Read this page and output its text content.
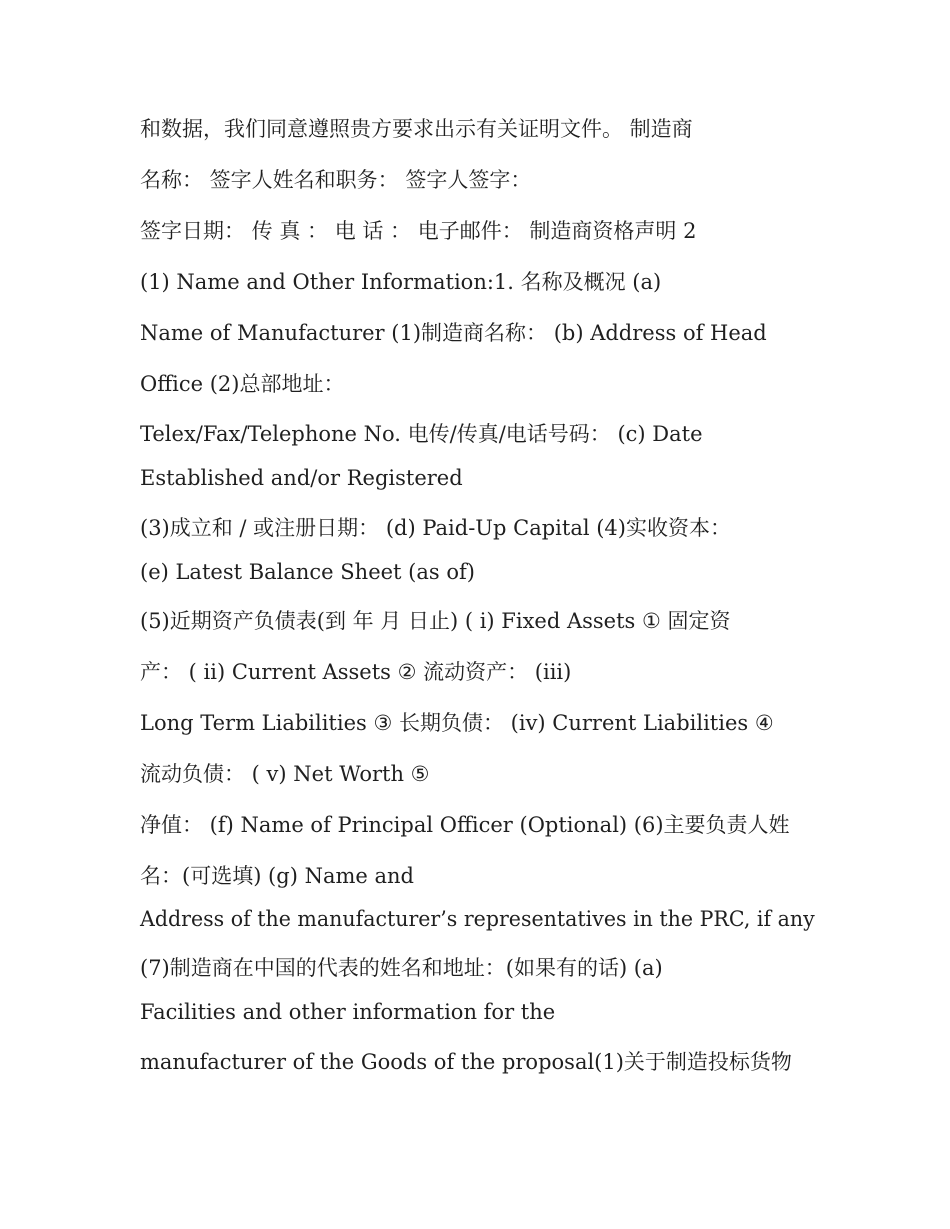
和数据，我们同意遵照贵方要求出示有关证明文件。 制造商
名称： 签字人姓名和职务： 签字人签字：
签字日期： 传 真 ： 电 话 ： 电子邮件： 制造商资格声明 2
(1) Name and Other Information:1. 名称及概况 (a)
Name of Manufacturer (1)制造商名称： (b) Address of Head
Office (2)总部地址：
Telex/Fax/Telephone No. 电传/传真/电话号码： (c) Date
Established and/or Registered
(3)成立和 / 或注册日期： (d) Paid-Up Capital (4)实收资本：
(e) Latest Balance Sheet (as of)
(5)近期资产负债表(到 年 月 日止) ( ⅰ) Fixed Assets ① 固定资
产： ( ⅱ) Current Assets ② 流动资产： (iii)
Long Term Liabilities ③ 长期负债： (ⅳ) Current Liabilities ④
流动负债： ( ⅴ) Net Worth ⑤
净值： (f) Name of Principal Officer (Optional) (6)主要负责人姓
名：(可选填) (g) Name and
Address of the manufacturer’s representatives in the PRC, if any
(7)制造商在中国的代表的姓名和地址：(如果有的话) (a)
Facilities and other information for the
manufacturer of the Goods of the proposal(1)关于制造投标货物
